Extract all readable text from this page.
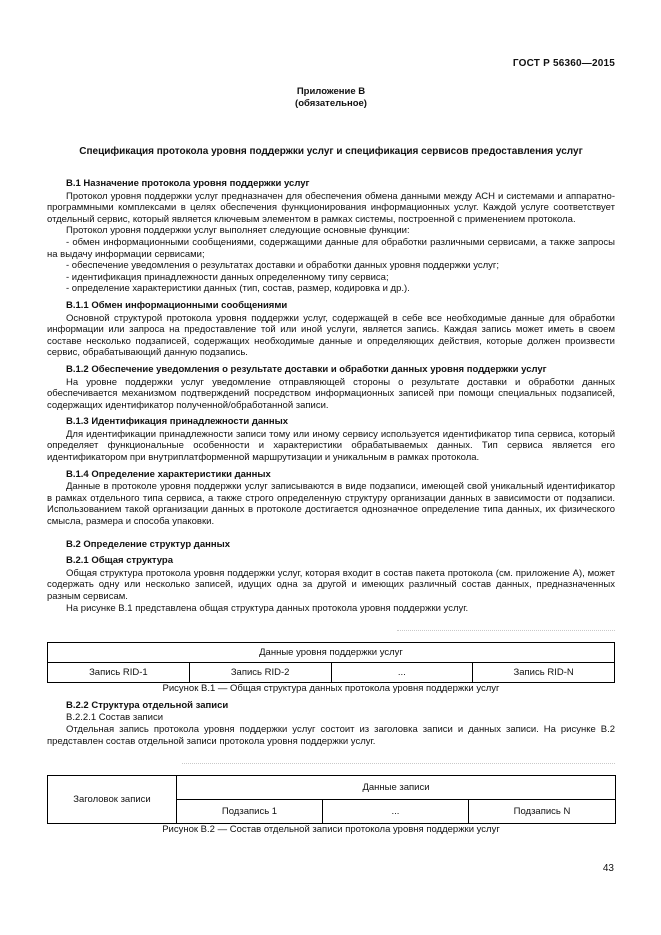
ГОСТ Р 56360—2015
Приложение В
(обязательное)
Спецификация протокола уровня поддержки услуг и спецификация сервисов предоставления услуг

В.1 Назначение протокола уровня поддержки услуг

Протокол уровня поддержки услуг предназначен для обеспечения обмена данными между АСН и системами и аппаратно-программными комплексами в целях обеспечения функционирования информационных услуг. Каждой услуге соответствует отдельный сервис, который является ключевым элементом в рамках системы, построенной с применением протокола.

Протокол уровня поддержки услуг выполняет следующие основные функции:

- обмен информационными сообщениями, содержащими данные для обработки различными сервисами, а также запросы на выдачу информации сервисами;

- обеспечение уведомления о результатах доставки и обработки данных уровня поддержки услуг;

- идентификация принадлежности данных определенному типу сервиса;

- определение характеристики данных (тип, состав, размер, кодировка и др.).

В.1.1 Обмен информационными сообщениями

Основной структурой протокола уровня поддержки услуг, содержащей в себе все необходимые данные для обработки информации или запроса на предоставление той или иной услуги, является запись. Каждая запись может иметь в своем составе несколько подзаписей, содержащих необходимые данные и определяющих действия, которые должен произвести сервис, обрабатывающий данную подзапись.

В.1.2 Обеспечение уведомления о результате доставки и обработки данных уровня поддержки услуг

На уровне поддержки услуг уведомление отправляющей стороны о результате доставки и обработки данных обеспечивается механизмом подтверждений посредством информационных записей при помощи специальных подзаписей, содержащих идентификатор полученной/обработанной записи.

В.1.3 Идентификация принадлежности данных

Для идентификации принадлежности записи тому или иному сервису используется идентификатор типа сервиса, который определяет функциональные особенности и характеристики обрабатываемых данных. Тип сервиса является его идентификатором при внутриплатформенной маршрутизации и уникальным в рамках протокола.

В.1.4 Определение характеристики данных

Данные в протоколе уровня поддержки услуг записываются в виде подзаписи, имеющей свой уникальный идентификатор в рамках отдельного типа сервиса, а также строго определенную структуру организации данных в зависимости от подзаписи. Использованием такой организации данных в протоколе достигается однозначное определение типа данных, их физического смысла, размера и способа упаковки.

В.2 Определение структур данных

В.2.1 Общая структура

Общая структура протокола уровня поддержки услуг, которая входит в состав пакета протокола (см. приложение А), может содержать одну или несколько записей, идущих одна за другой и имеющих различный состав данных, предназначенных разным сервисам.

На рисунке В.1 представлена общая структура данных протокола уровня поддержки услуг.

Данные уровня поддержки услуг
Запись RID-1	Запись RID-2	...	Запись RID-N

Рисунок В.1 — Общая структура данных протокола уровня поддержки услуг

В.2.2 Структура отдельной записи

В.2.2.1 Состав записи

Отдельная запись протокола уровня поддержки услуг состоит из заголовка записи и данных записи. На рисунке В.2 представлен состав отдельной записи протокола уровня поддержки услуг.

Заголовок записи	Данные записи		
	Подзапись 1	...	Подзапись N

Рисунок В.2 — Состав отдельной записи протокола уровня поддержки услуг

43
